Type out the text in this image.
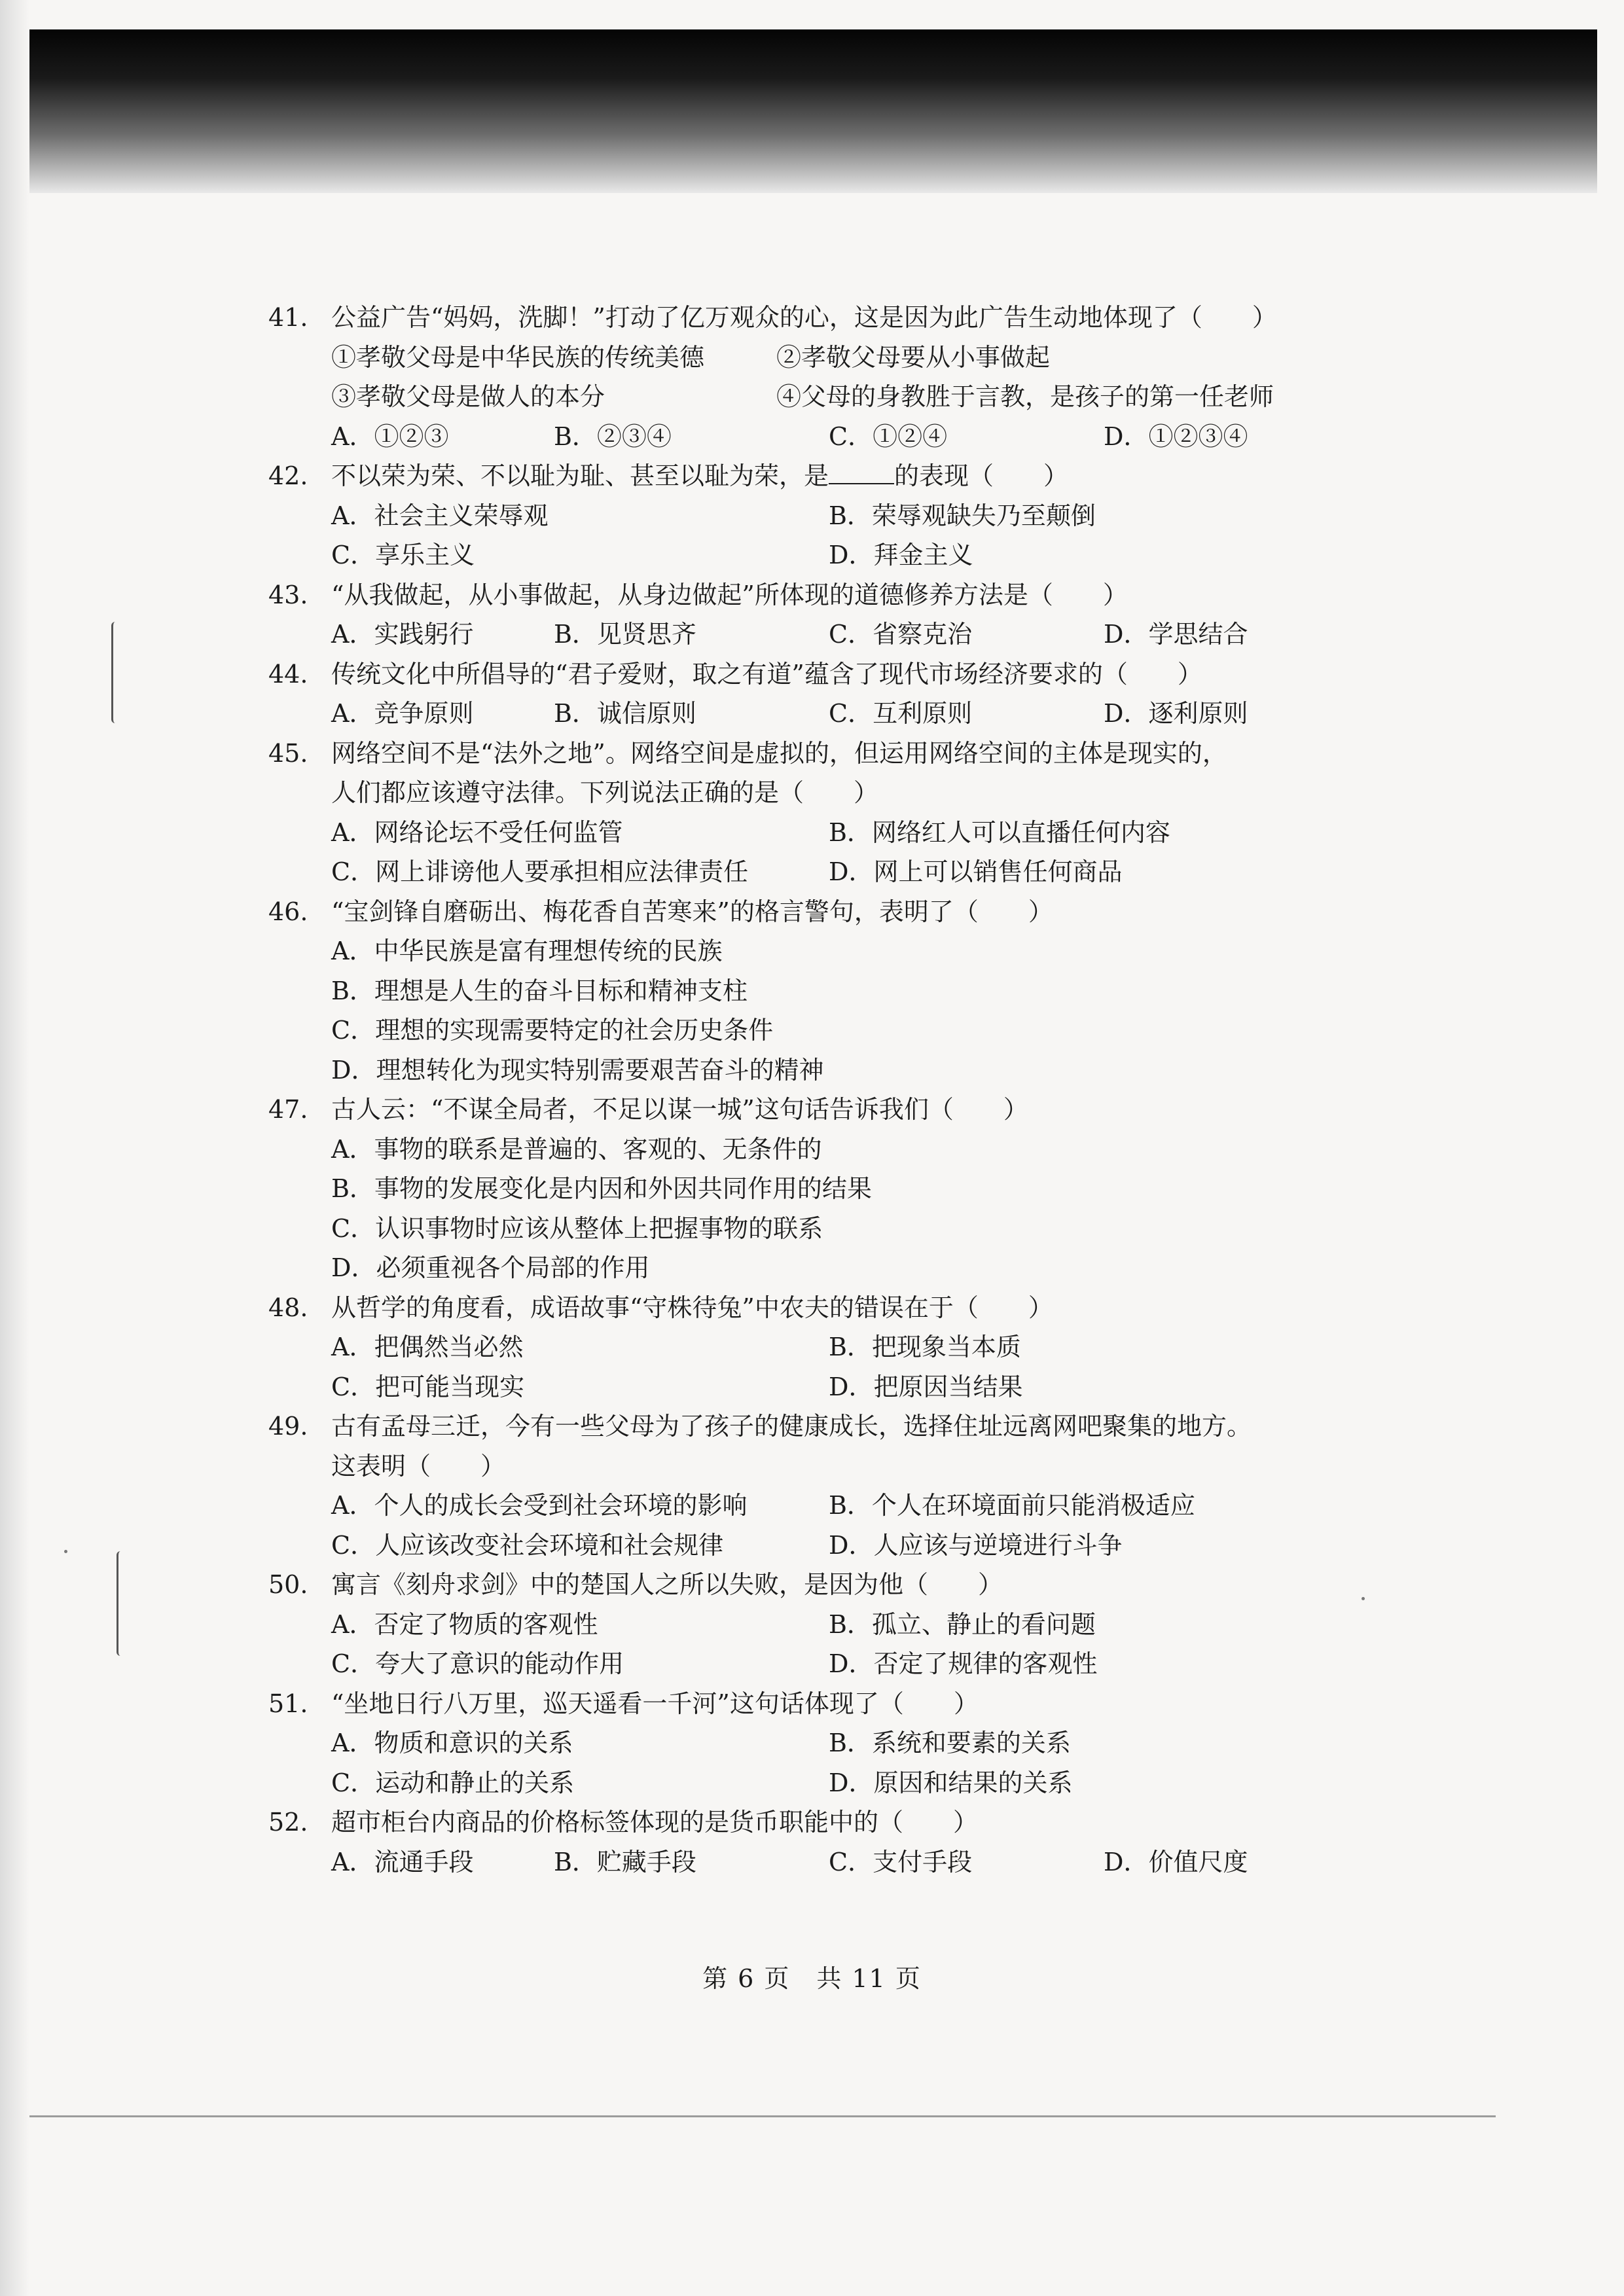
41. 公益广告“妈妈，洗脚！”打动了亿万观众的心，这是因为此广告生动地体现了（　　）
①孝敬父母是中华民族的传统美德	②孝敬父母要从小事做起
③孝敬父母是做人的本分	④父母的身教胜于言教，是孩子的第一任老师
A．①②③	B．②③④	C．①②④	D．①②③④
42. 不以荣为荣、不以耻为耻、甚至以耻为荣，是	的表现（　　）
A．社会主义荣辱观	B．荣辱观缺失乃至颠倒
C．享乐主义	D．拜金主义
43. “从我做起，从小事做起，从身边做起”所体现的道德修养方法是（　　）
A．实践躬行	B．见贤思齐	C．省察克治	D．学思结合
44. 传统文化中所倡导的“君子爱财，取之有道”蕴含了现代市场经济要求的（　　）
A．竞争原则	B．诚信原则	C．互利原则	D．逐利原则
45. 网络空间不是“法外之地”。网络空间是虚拟的，但运用网络空间的主体是现实的，
人们都应该遵守法律。下列说法正确的是（　　）
A．网络论坛不受任何监管	B．网络红人可以直播任何内容
C．网上诽谤他人要承担相应法律责任	D．网上可以销售任何商品
46. “宝剑锋自磨砺出、梅花香自苦寒来”的格言警句，表明了（　　）
A．中华民族是富有理想传统的民族
B．理想是人生的奋斗目标和精神支柱
C．理想的实现需要特定的社会历史条件
D．理想转化为现实特别需要艰苦奋斗的精神
47. 古人云：“不谋全局者，不足以谋一城”这句话告诉我们（　　）
A．事物的联系是普遍的、客观的、无条件的
B．事物的发展变化是内因和外因共同作用的结果
C．认识事物时应该从整体上把握事物的联系
D．必须重视各个局部的作用
48. 从哲学的角度看，成语故事“守株待兔”中农夫的错误在于（　　）
A．把偶然当必然	B．把现象当本质
C．把可能当现实	D．把原因当结果
49. 古有孟母三迁，今有一些父母为了孩子的健康成长，选择住址远离网吧聚集的地方。
这表明（　　）
A．个人的成长会受到社会环境的影响	B．个人在环境面前只能消极适应
C．人应该改变社会环境和社会规律	D．人应该与逆境进行斗争
50. 寓言《刻舟求剑》中的楚国人之所以失败，是因为他（　　）
A．否定了物质的客观性	B．孤立、静止的看问题
C．夸大了意识的能动作用	D．否定了规律的客观性
51. “坐地日行八万里，巡天遥看一千河”这句话体现了（　　）
A．物质和意识的关系	B．系统和要素的关系
C．运动和静止的关系	D．原因和结果的关系
52. 超市柜台内商品的价格标签体现的是货币职能中的（　　）
A．流通手段	B．贮藏手段	C．支付手段	D．价值尺度
第 6 页　共 11 页
